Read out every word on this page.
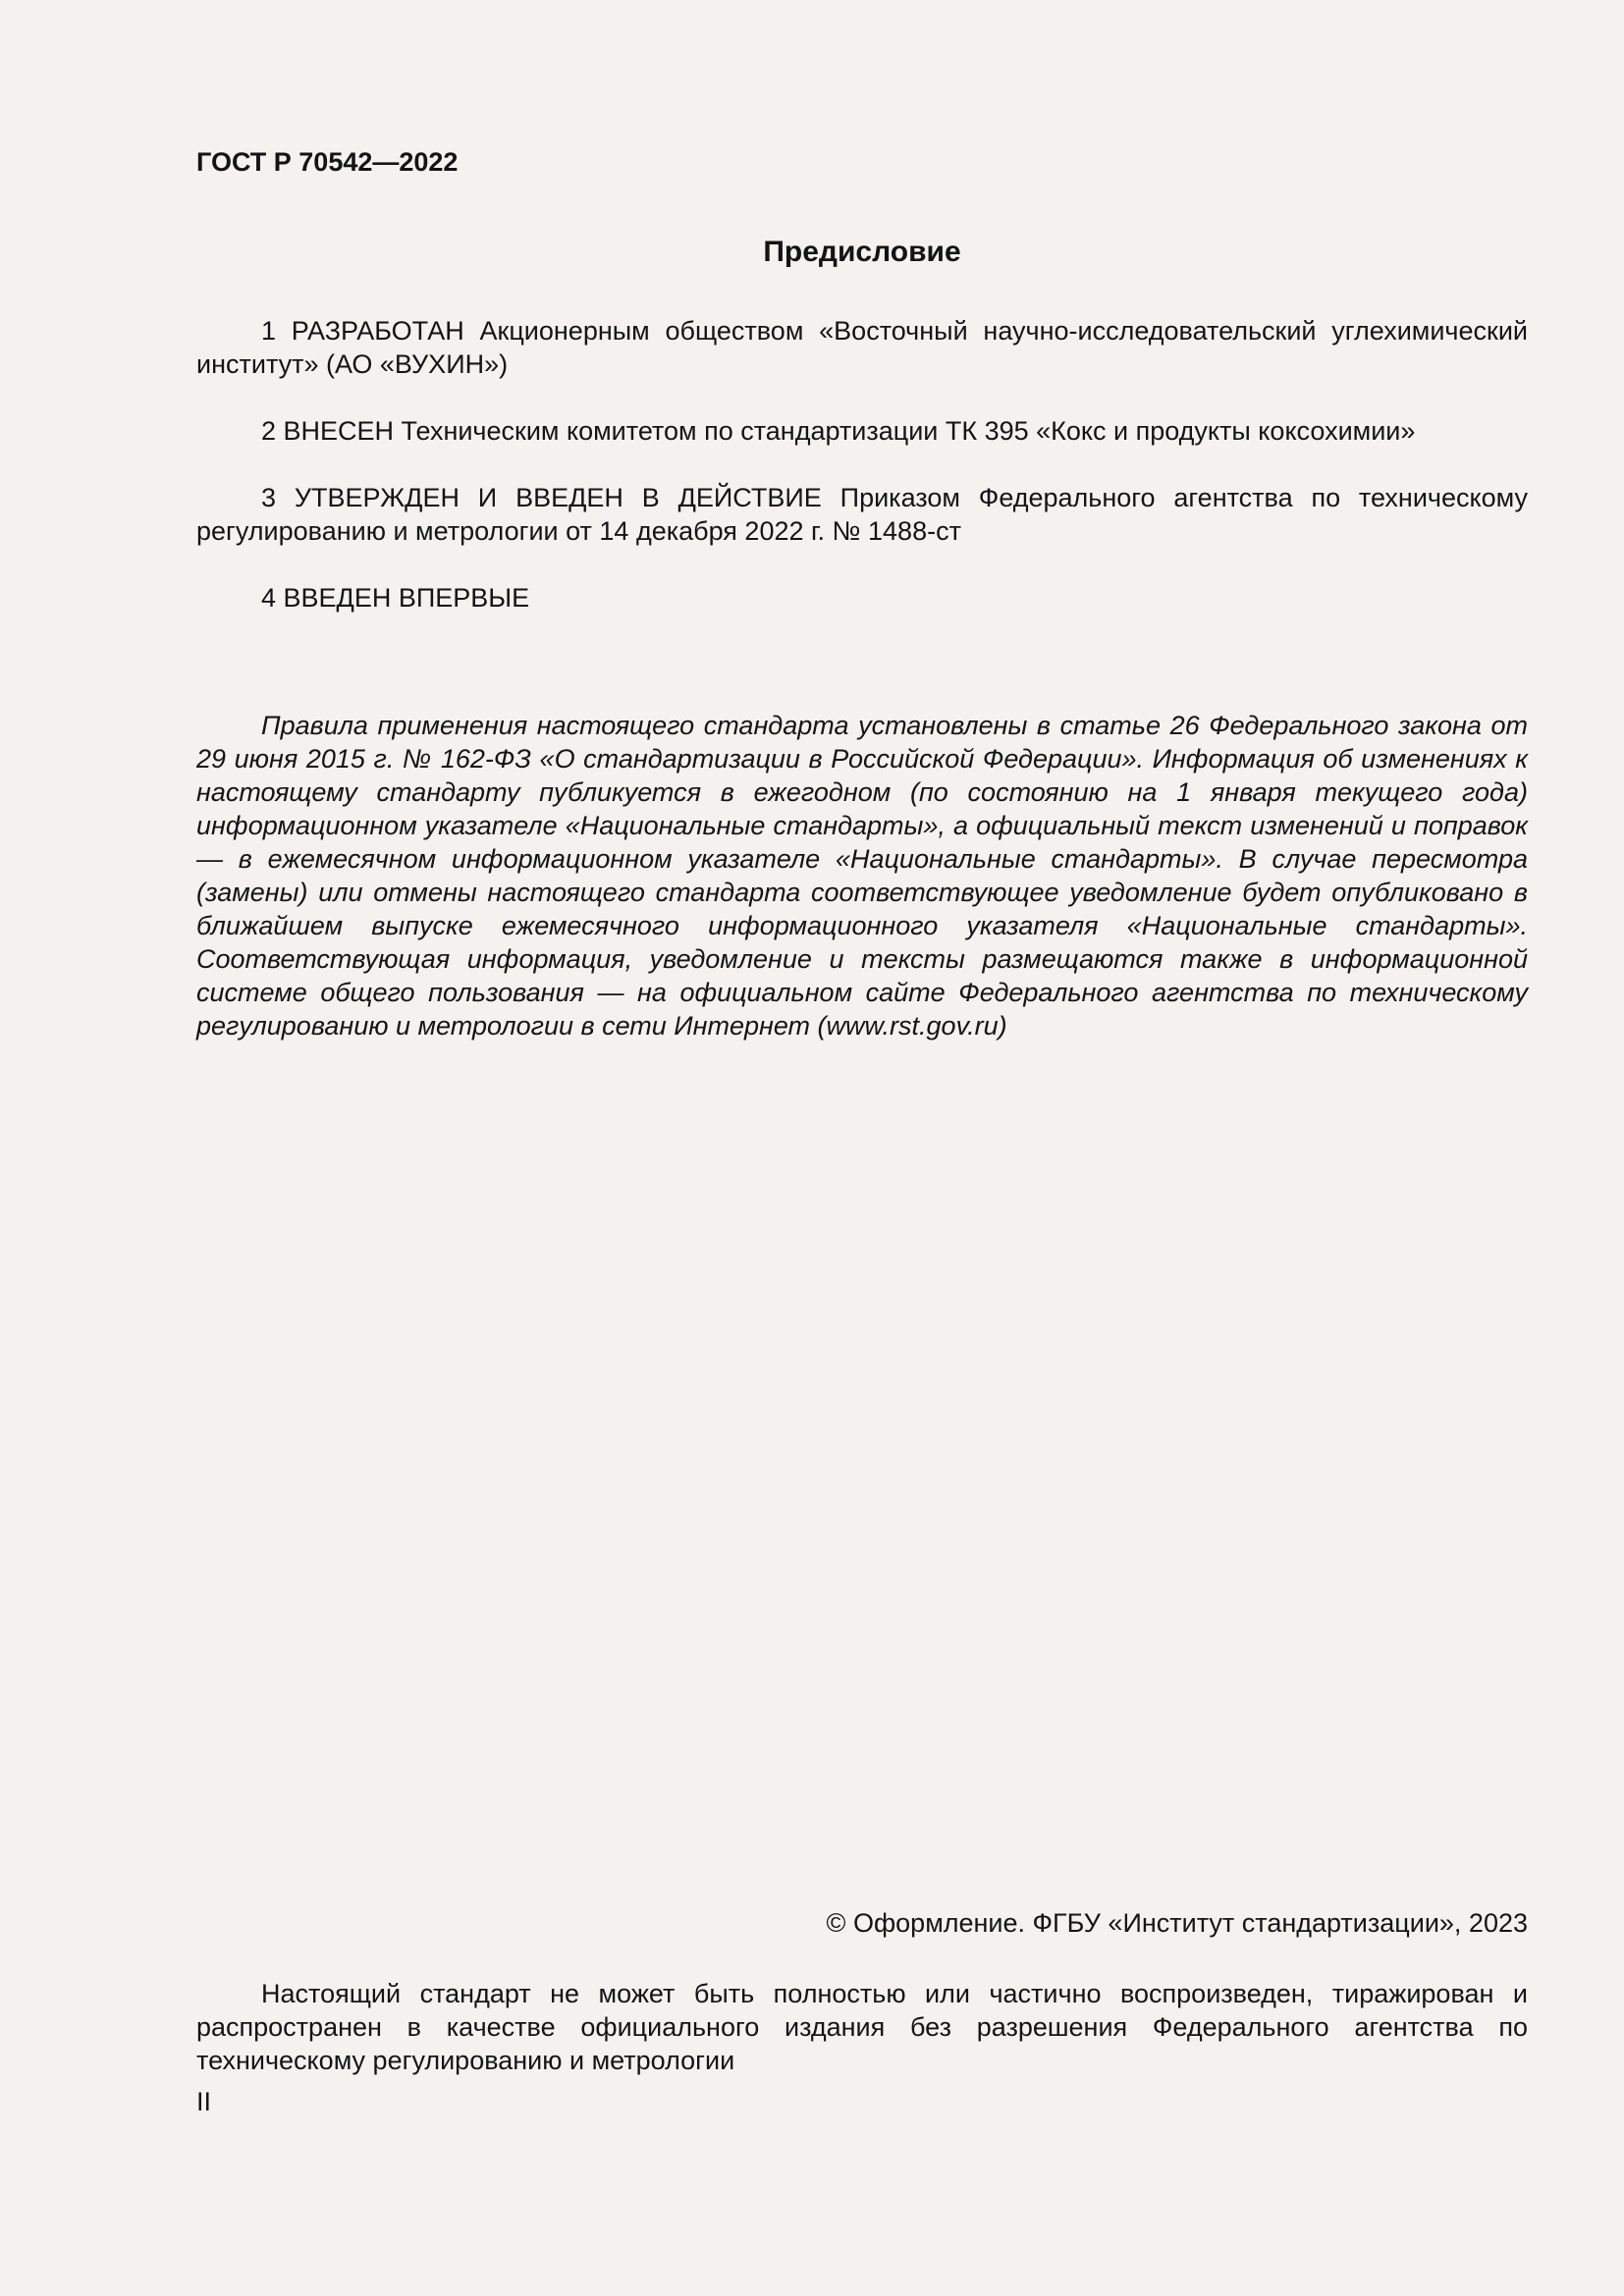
ГОСТ Р 70542—2022

Предисловие

1 РАЗРАБОТАН Акционерным обществом «Восточный научно-исследовательский углехимический институт» (АО «ВУХИН»)

2 ВНЕСЕН Техническим комитетом по стандартизации ТК 395 «Кокс и продукты коксохимии»

3 УТВЕРЖДЕН И ВВЕДЕН В ДЕЙСТВИЕ Приказом Федерального агентства по техническому регулированию и метрологии от 14 декабря 2022 г. № 1488-ст

4 ВВЕДЕН ВПЕРВЫЕ

Правила применения настоящего стандарта установлены в статье 26 Федерального закона от 29 июня 2015 г. № 162-ФЗ «О стандартизации в Российской Федерации». Информация об изменениях к настоящему стандарту публикуется в ежегодном (по состоянию на 1 января текущего года) информационном указателе «Национальные стандарты», а официальный текст изменений и поправок — в ежемесячном информационном указателе «Национальные стандарты». В случае пересмотра (замены) или отмены настоящего стандарта соответствующее уведомление будет опубликовано в ближайшем выпуске ежемесячного информационного указателя «Национальные стандарты». Соответствующая информация, уведомление и тексты размещаются также в информационной системе общего пользования — на официальном сайте Федерального агентства по техническому регулированию и метрологии в сети Интернет (www.rst.gov.ru)

© Оформление. ФГБУ «Институт стандартизации», 2023

Настоящий стандарт не может быть полностью или частично воспроизведен, тиражирован и распространен в качестве официального издания без разрешения Федерального агентства по техническому регулированию и метрологии

II
